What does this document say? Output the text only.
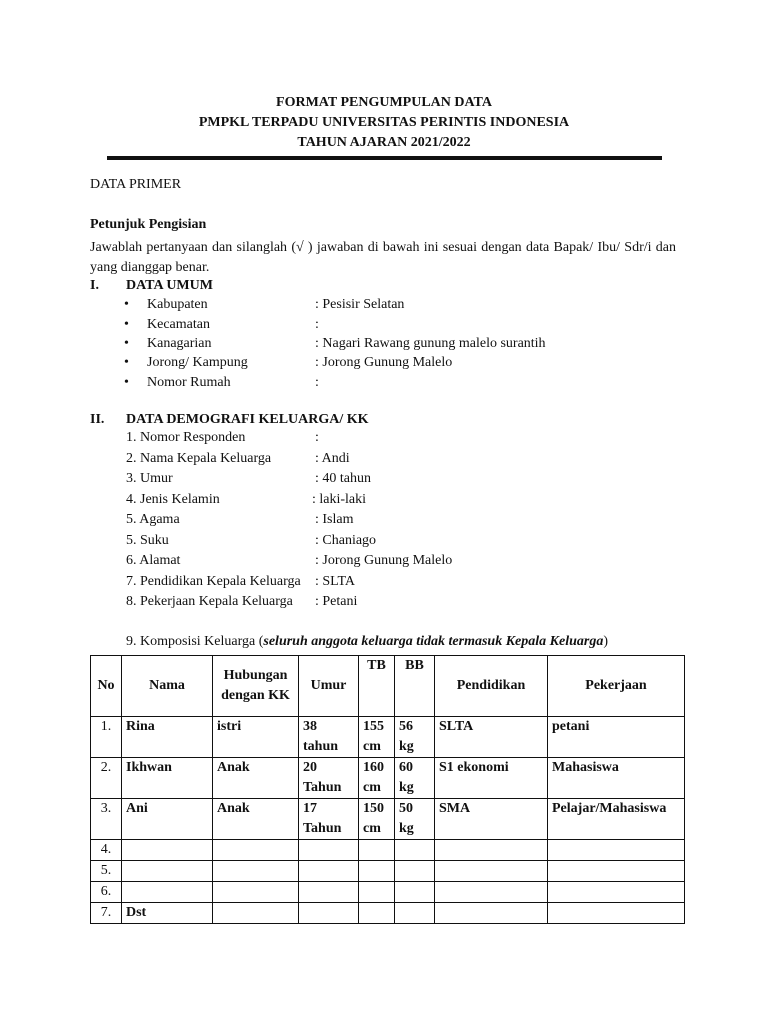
FORMAT PENGUMPULAN DATA
PMPKL TERPADU UNIVERSITAS PERINTIS INDONESIA
TAHUN AJARAN 2021/2022
DATA PRIMER
Petunjuk Pengisian
Jawablah pertanyaan dan silanglah (√ ) jawaban di bawah ini sesuai dengan data Bapak/ Ibu/ Sdr/i dan yang dianggap benar.
I. DATA UMUM
• Kabupaten	: Pesisir Selatan
• Kecamatan	:
• Kanagarian	: Nagari Rawang gunung malelo surantih
• Jorong/ Kampung	: Jorong Gunung Malelo
• Nomor Rumah	:
II. DATA DEMOGRAFI KELUARGA/ KK
1. Nomor Responden	:
2. Nama Kepala Keluarga	: Andi
3. Umur	: 40 tahun
4. Jenis Kelamin	: laki-laki
5. Agama	: Islam
5. Suku	: Chaniago
6. Alamat	: Jorong Gunung Malelo
7. Pendidikan Kepala Keluarga : SLTA
8. Pekerjaan Kepala Keluarga : Petani
9. Komposisi Keluarga (seluruh anggota keluarga tidak termasuk Kepala Keluarga)
No	Nama	Hubungan dengan KK	Umur	TB	BB	Pendidikan	Pekerjaan
1.	Rina	istri	38 tahun	155 cm	56 kg	SLTA	petani
2.	Ikhwan	Anak	20 Tahun	160 cm	60 kg	S1 ekonomi	Mahasiswa
3.	Ani	Anak	17 Tahun	150 cm	50 kg	SMA	Pelajar/Mahasiswa
4.							
5.							
6.							
7.	Dst						
